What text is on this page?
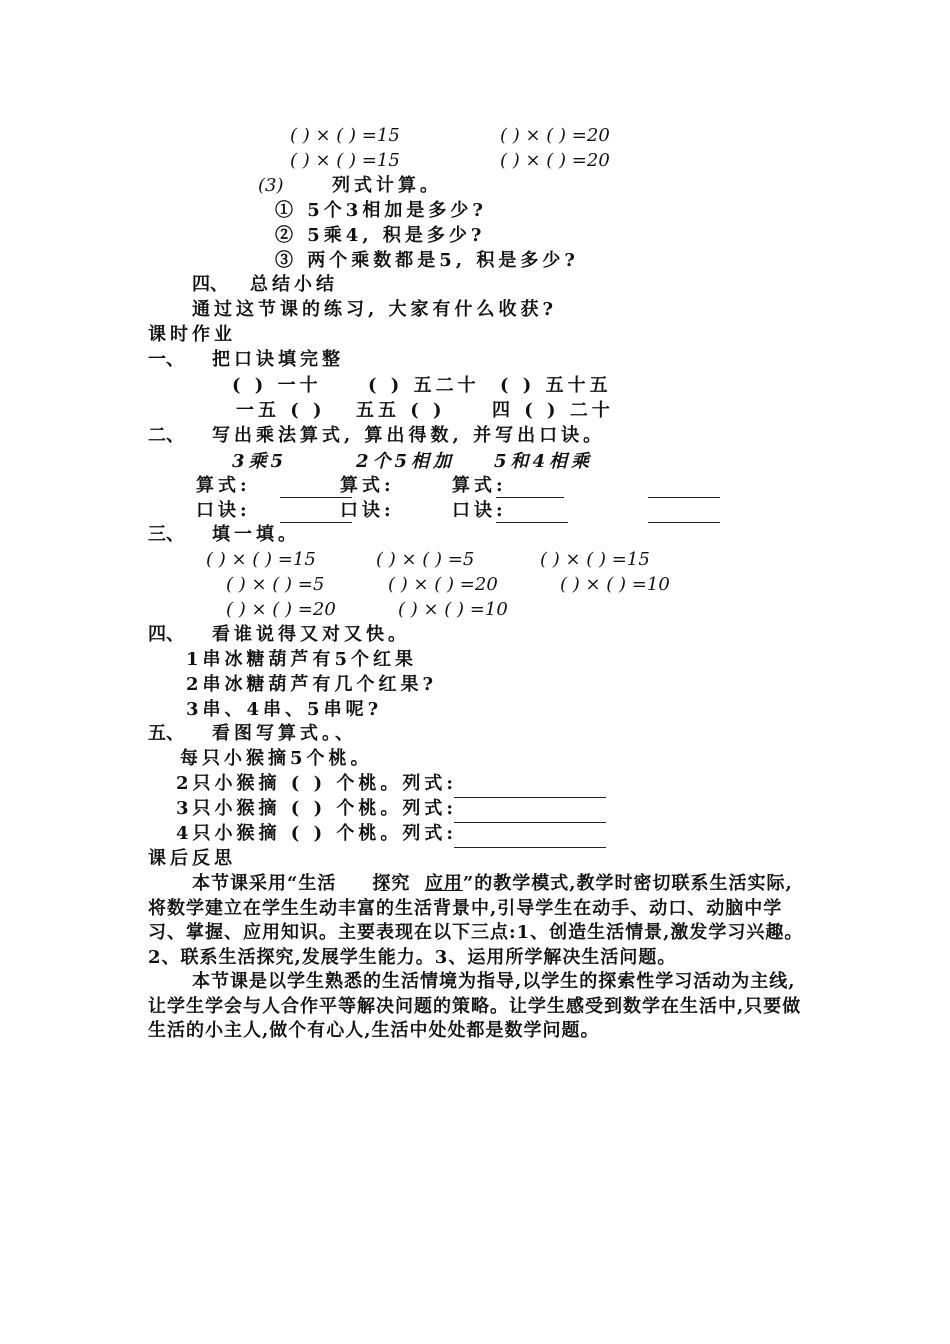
( ) × ( ) =15	( ) × ( ) =20
( ) × ( ) =15	( ) × ( ) =20
(3)	列式计算。
① 5个3相加是多少?
② 5乘4, 积是多少?
③ 两个乘数都是5, 积是多少?
四、 总结小结
通过这节课的练习, 大家有什么收获?
课时作业
一、 把口诀填完整
( ) 一十	( ) 五二十 ( ) 五十五
一五 ( ) 五五 ( )	四 ( ) 二十
二、 写出乘法算式, 算出得数, 并写出口诀。
3乘5	2个5相加 5和4相乘
算式:	算式:	算式:
口诀:	口诀:	口诀:
三、 填一填。
( ) × ( ) =15	( ) × ( ) =5	( ) × ( ) =15
( ) × ( ) =5	( ) × ( ) =20	( ) × ( ) =10
( ) × ( ) =20	( ) × ( ) =10
四、 看谁说得又对又快。
1串冰糖葫芦有5个红果
2串冰糖葫芦有几个红果?
3串、4串、5串呢?
五、 看图写算式。、
每只小猴摘5个桃。
2只小猴摘 ( ) 个桃。列式:
3只小猴摘 ( ) 个桃。列式:
4只小猴摘 ( ) 个桃。列式:
课后反思

本节课采用“生活 探究 应用”的教学模式,教学时密切联系生活实际,将数学建立在学生生动丰富的生活背景中,引导学生在动手、动口、动脑中学习、掌握、应用知识。主要表现在以下三点:1、创造生活情景,激发学习兴趣。2、联系生活探究,发展学生能力。3、运用所学解决生活问题。

本节课是以学生熟悉的生活情境为指导,以学生的探索性学习活动为主线,让学生学会与人合作平等解决问题的策略。让学生感受到数学在生活中,只要做生活的小主人,做个有心人,生活中处处都是数学问题。
